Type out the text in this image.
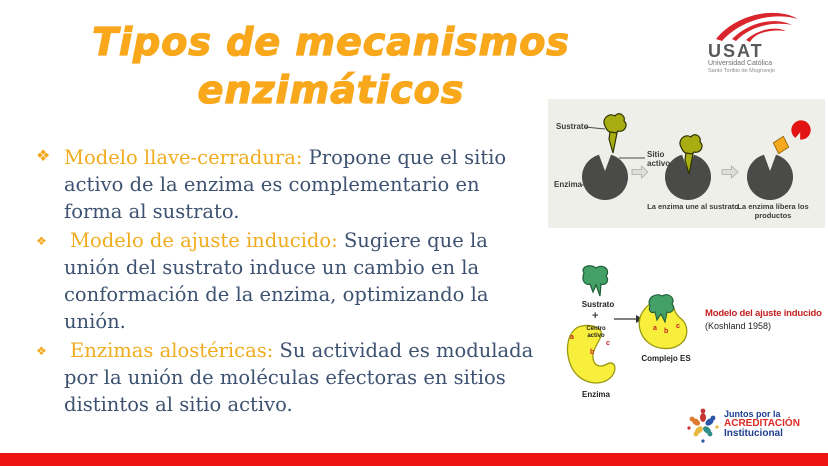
Tipos de mecanismos
enzimáticos
USAT
Universidad Católica
Santo Toribio de Mogrovejo
❖ Modelo llave-cerradura: Propone que el sitio activo de la enzima es complementario en forma al sustrato.

❖	Modelo de ajuste inducido: Sugiere que la unión del sustrato induce un cambio en la conformación de la enzima, optimizando la unión.

❖	Enzimas alostéricas: Su actividad es modulada por la unión de moléculas efectoras en sitios distintos al sitio activo.

Sustrato
Sitio activo
Enzima
La enzima une al sustrato
La enzima libera los productos
Sustrato
+
Centro activo
a
b
c
a b
c
Enzima
Complejo ES
Modelo del ajuste inducido
(Koshland 1958)
Juntos por la
ACREDITACIÓN
Institucional
